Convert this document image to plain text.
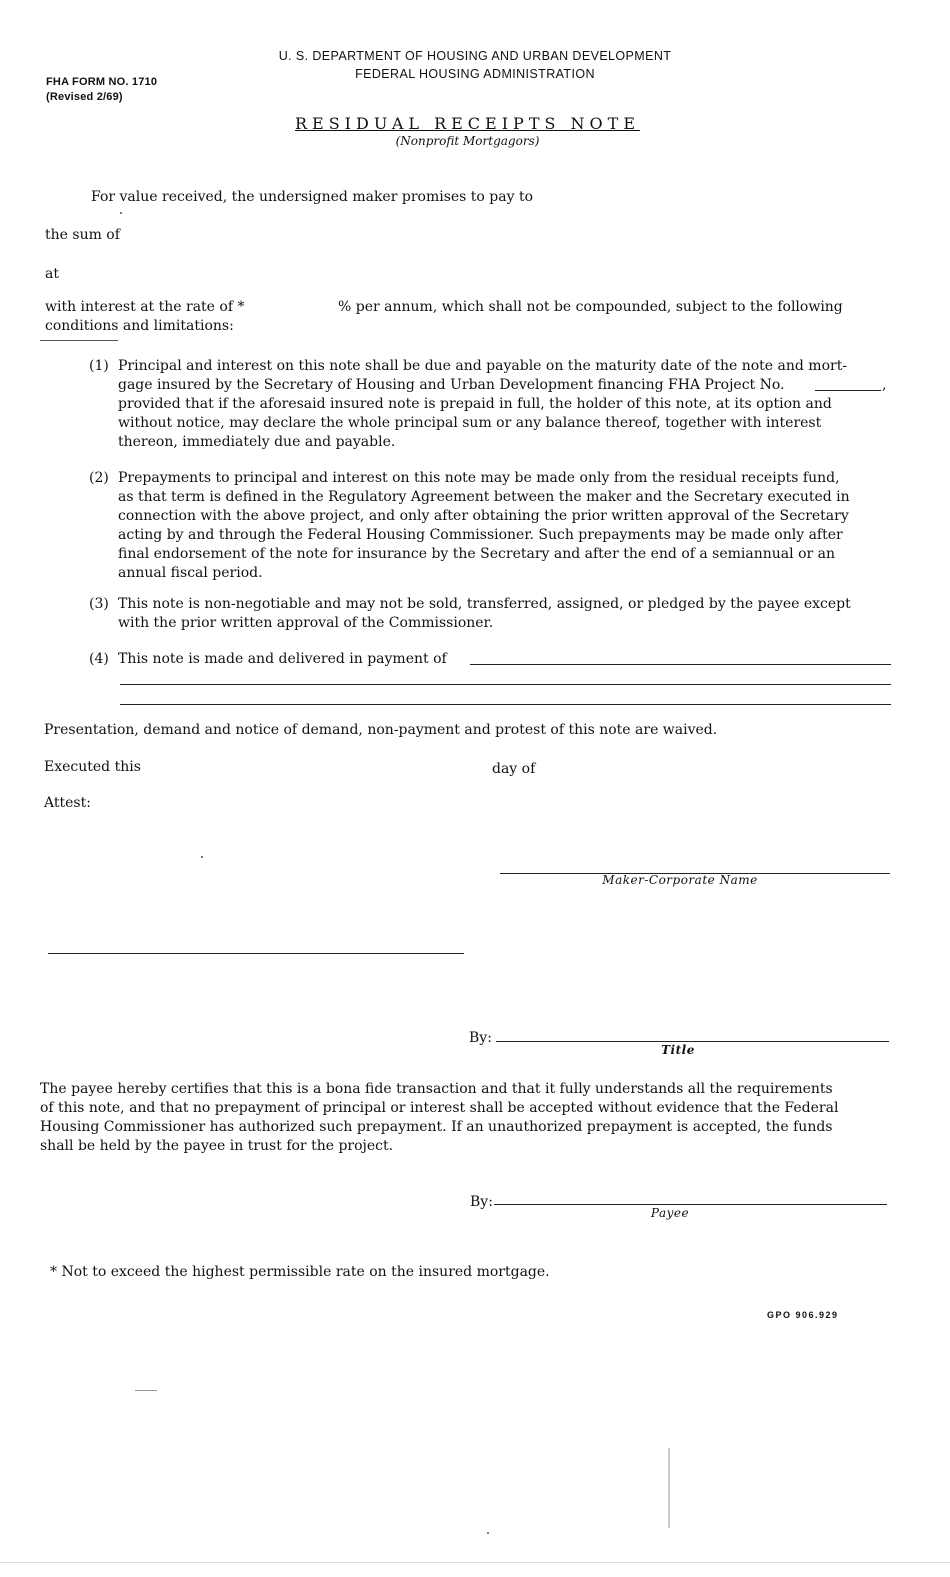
U. S. DEPARTMENT OF HOUSING AND URBAN DEVELOPMENT
FEDERAL HOUSING ADMINISTRATION
FHA FORM NO. 1710
(Revised 2/69)
RESIDUAL RECEIPTS NOTE
(Nonprofit Mortgagors)
For value received, the undersigned maker promises to pay to
the sum of
at
with interest at the rate of *	% per annum, which shall not be compounded, subject to the following
conditions and limitations:
(1) Principal and interest on this note shall be due and payable on the maturity date of the note and mort-
gage insured by the Secretary of Housing and Urban Development financing FHA Project No.	,
provided that if the aforesaid insured note is prepaid in full, the holder of this note, at its option and
without notice, may declare the whole principal sum or any balance thereof, together with interest
thereon, immediately due and payable.
(2) Prepayments to principal and interest on this note may be made only from the residual receipts fund,
as that term is defined in the Regulatory Agreement between the maker and the Secretary executed in
connection with the above project, and only after obtaining the prior written approval of the Secretary
acting by and through the Federal Housing Commissioner. Such prepayments may be made only after
final endorsement of the note for insurance by the Secretary and after the end of a semiannual or an
annual fiscal period.
(3) This note is non-negotiable and may not be sold, transferred, assigned, or pledged by the payee except
with the prior written approval of the Commissioner.
(4) This note is made and delivered in payment of
Presentation, demand and notice of demand, non-payment and protest of this note are waived.
Executed this	day of
Attest:
Maker-Corporate Name
By:
Title
The payee hereby certifies that this is a bona fide transaction and that it fully understands all the requirements
of this note, and that no prepayment of principal or interest shall be accepted without evidence that the Federal
Housing Commissioner has authorized such prepayment. If an unauthorized prepayment is accepted, the funds
shall be held by the payee in trust for the project.
By:
Payee
* Not to exceed the highest permissible rate on the insured mortgage.
GPO 906.929
